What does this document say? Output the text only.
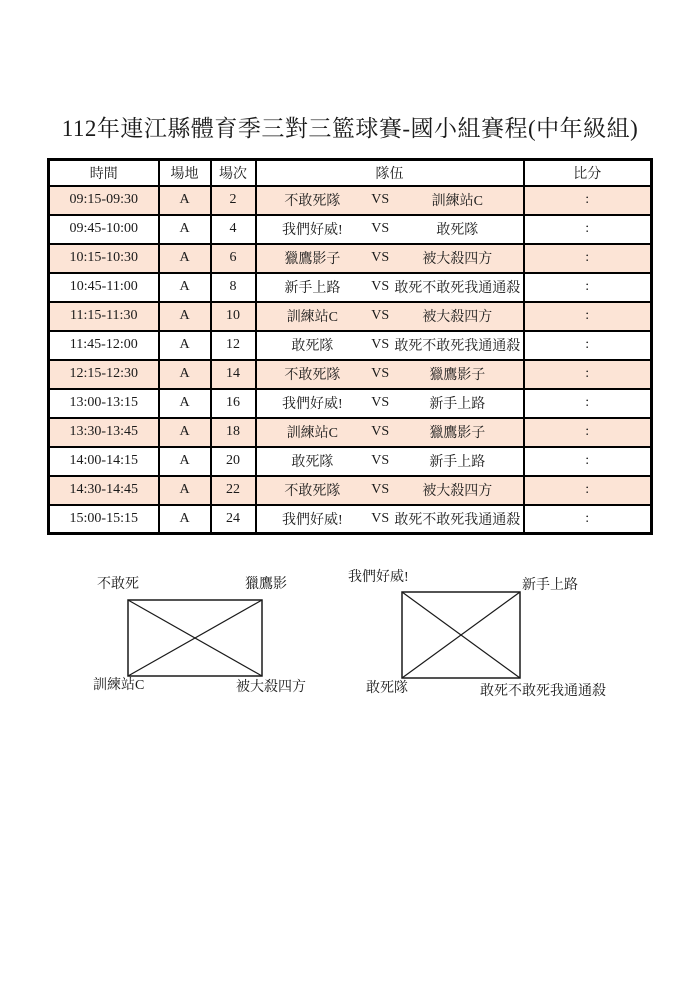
112年連江縣體育季三對三籃球賽-國小組賽程(中年級組)
時間	場地	場次	隊伍	比分
09:15-09:30	A	2	不敢死隊 VS 訓練站C	:
09:45-10:00	A	4	我們好威! VS 敢死隊	:
10:15-10:30	A	6	獵鷹影子 VS 被大殺四方	:
10:45-11:00	A	8	新手上路 VS 敢死不敢死我通通殺	:
11:15-11:30	A	10	訓練站C VS 被大殺四方	:
11:45-12:00	A	12	敢死隊 VS 敢死不敢死我通通殺	:
12:15-12:30	A	14	不敢死隊 VS 獵鷹影子	:
13:00-13:15	A	16	我們好威! VS 新手上路	:
13:30-13:45	A	18	訓練站C VS 獵鷹影子	:
14:00-14:15	A	20	敢死隊 VS 新手上路	:
14:30-14:45	A	22	不敢死隊 VS 被大殺四方	:
15:00-15:15	A	24	我們好威! VS 敢死不敢死我通通殺	:
不敢死	獵鷹影
訓練站C	被大殺四方
我們好威!
新手上路
敢死隊	敢死不敢死我通通殺
